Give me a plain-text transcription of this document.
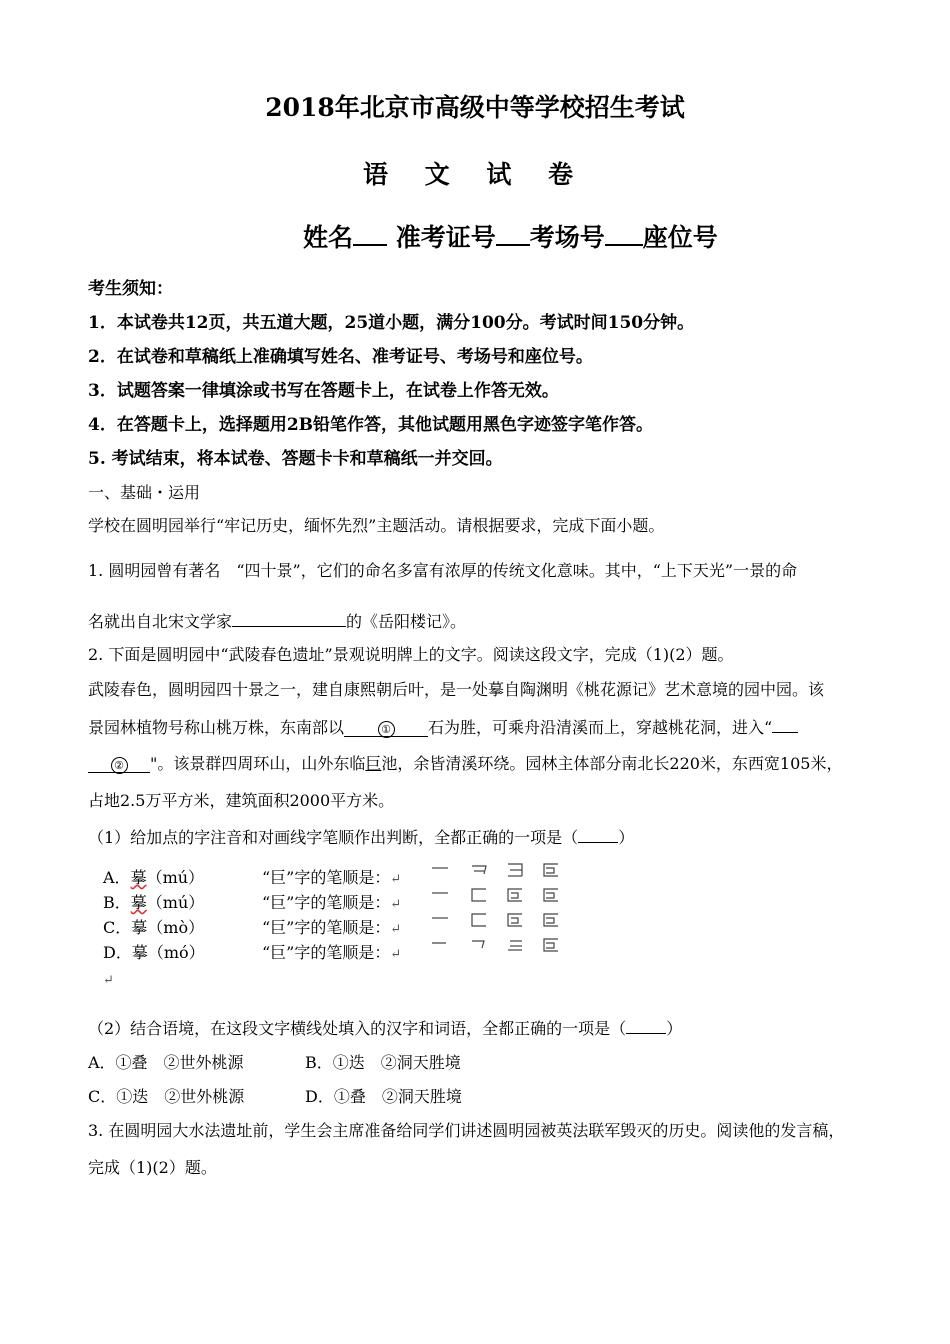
2018年北京市高级中等学校招生考试
语 文 试 卷
姓名 准考证号 考场号 座位号
考生须知：
1．本试卷共12页，共五道大题，25道小题，满分100分。考试时间150分钟。
2．在试卷和草稿纸上准确填写姓名、准考证号、考场号和座位号。
3．试题答案一律填涂或书写在答题卡上，在试卷上作答无效。
4．在答题卡上，选择题用2B铅笔作答，其他试题用黑色字迹签字笔作答。
5. 考试结束，将本试卷、答题卡卡和草稿纸一并交回。
一、基础・运用
学校在圆明园举行“牢记历史，缅怀先烈”主题活动。请根据要求，完成下面小题。
1. 圆明园曾有著名　“四十景”，它们的命名多富有浓厚的传统文化意味。其中，“上下天光”一景的命
名就出自北宋文学家	的《岳阳楼记》。
2. 下面是圆明园中“武陵春色遗址”景观说明牌上的文字。阅读这段文字，完成（1)(2）题。
武陵春色，圆明园四十景之一，建自康熙朝后叶，是一处摹自陶渊明《桃花源记》艺术意境的园中园。该
景园林植物号称山桃万株，东南部以	① 石为胜，可乘舟沿清溪而上，穿越桃花洞，进入“
② "。该景群四周环山，山外东临巨池，余皆清溪环绕。园林主体部分南北长220米，东西宽105米，
占地2.5万平方米，建筑面积2000平方米。
（1）给加点的字注音和对画线字笔顺作出判断，全都正确的一项是（	）
A．摹（mú）	“巨”字的笔顺是：↵
B．摹（mú）	“巨”字的笔顺是：↵
C．摹（mò）	“巨”字的笔顺是：↵
D．摹（mó）	“巨”字的笔顺是：↵
↵
（2）结合语境，在这段文字横线处填入的汉字和词语，全都正确的一项是（	）
A．①叠　②世外桃源	B．①迭　②洞天胜境
C．①迭　②世外桃源	D．①叠　②洞天胜境
3. 在圆明园大水法遗址前，学生会主席准备给同学们讲述圆明园被英法联军毁灭的历史。阅读他的发言稿，
完成（1)(2）题。
